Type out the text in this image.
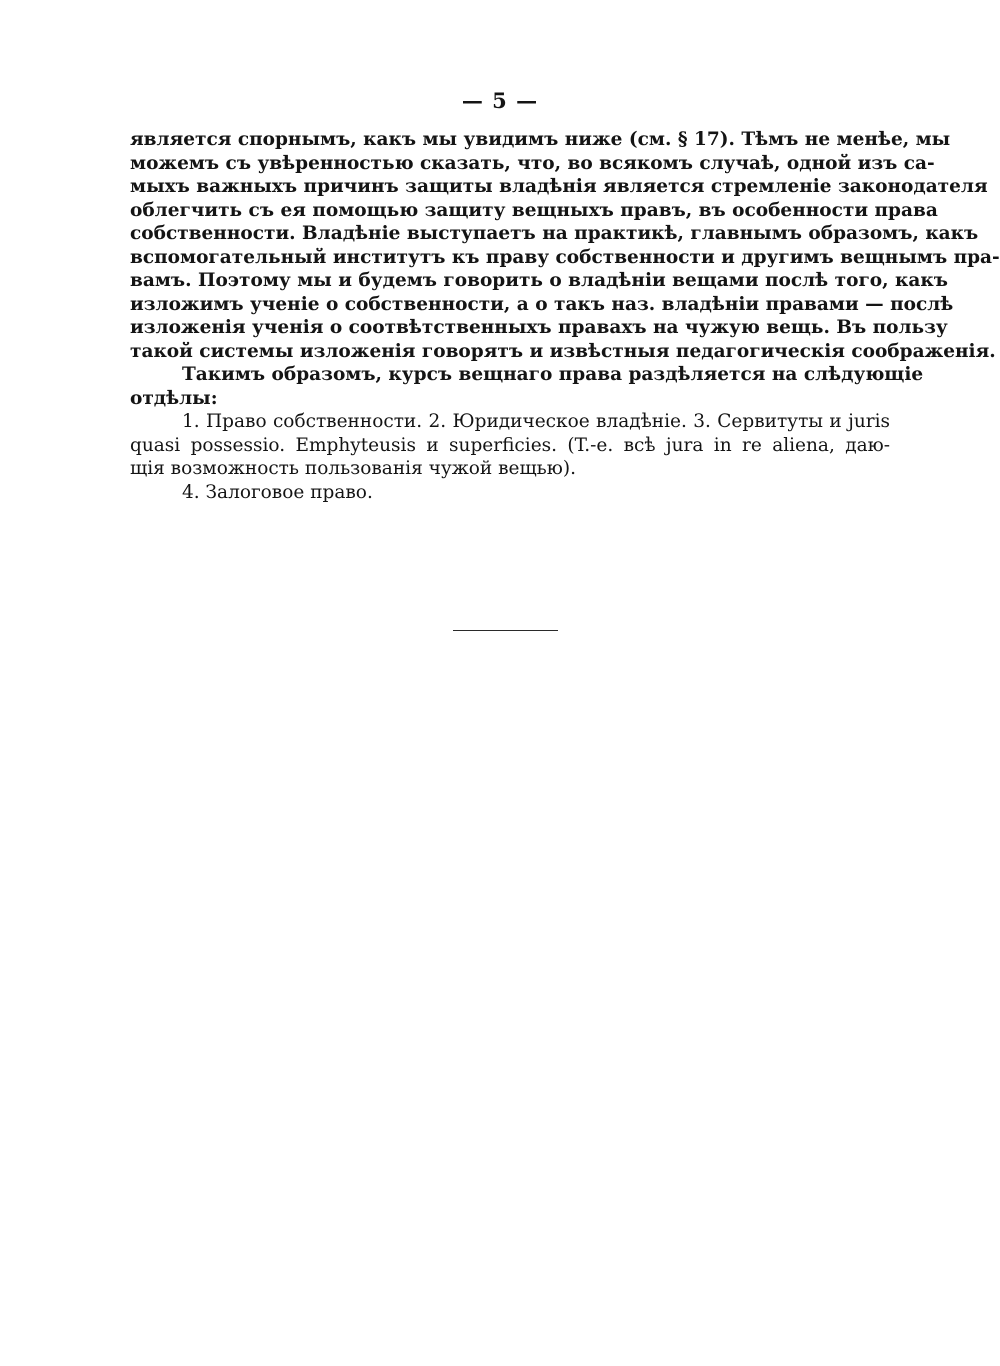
— 5 —
является спорнымъ, какъ мы увидимъ ниже (см. § 17). Тѣмъ не менѣе, мы
можемъ съ увѣренностью сказать, что, во всякомъ случаѣ, одной изъ са-
мыхъ важныхъ причинъ защиты владѣнія является стремленіе законодателя
облегчить съ ея помощью защиту вещныхъ правъ, въ особенности права
собственности. Владѣніе выступаетъ на практикѣ, главнымъ образомъ, какъ
вспомогательный институтъ къ праву собственности и другимъ вещнымъ пра-
вамъ. Поэтому мы и будемъ говорить о владѣніи вещами послѣ того, какъ
изложимъ ученіе о собственности, а о такъ наз. владѣніи правами — послѣ
изложенія ученія о соотвѣтственныхъ правахъ на чужую вещь. Въ пользу
такой системы изложенія говорятъ и извѣстныя педагогическія соображенія.
Такимъ образомъ, курсъ вещнаго права раздѣляется на слѣдующіе
отдѣлы:
1. Право собственности. 2. Юридическое владѣніе. 3. Сервитуты и juris
quasi possessio. Emphyteusis и superficies. (T.-e. всѣ jura in re aliena, даю-
щія возможность пользованія чужой вещью).
4. Залоговое право.
